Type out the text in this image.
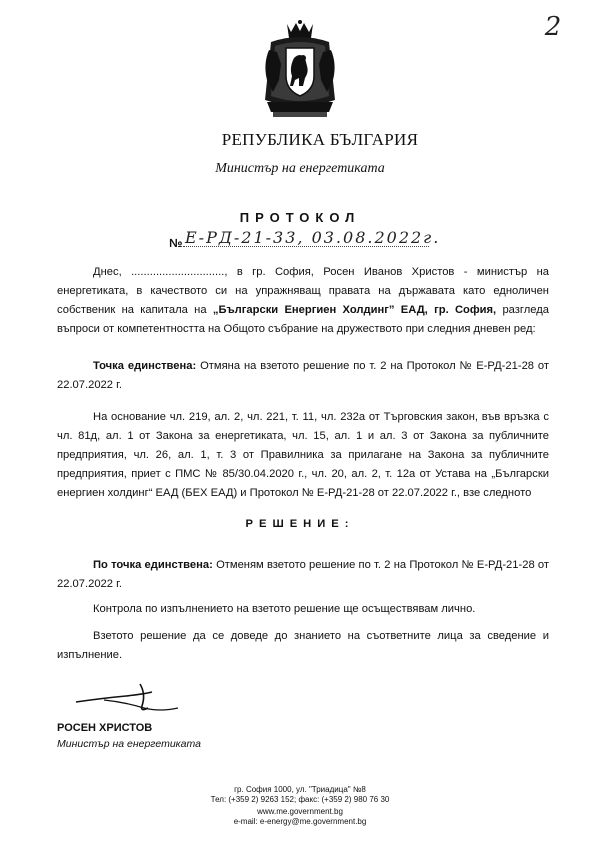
2
РЕПУБЛИКА БЪЛГАРИЯ
Министър на енергетиката
ПРОТОКОЛ
№ Е-РД-21-33, 03.08.2022г.
Днес, .............................., в гр. София, Росен Иванов Христов - министър на енергетиката, в качеството си на упражняващ правата на държавата като едноличен собственик на капитала на „Български Енергиен Холдинг” ЕАД, гр. София, разгледа въпроси от компетентността на Общото събрание на дружеството при следния дневен ред:
Точка единствена: Отмяна на взетото решение по т. 2 на Протокол № Е-РД-21-28 от 22.07.2022 г.
На основание чл. 219, ал. 2, чл. 221, т. 11, чл. 232а от Търговския закон, във връзка с чл. 81д, ал. 1 от Закона за енергетиката, чл. 15, ал. 1 и ал. 3 от Закона за публичните предприятия, чл. 26, ал. 1, т. 3 от Правилника за прилагане на Закона за публичните предприятия, приет с ПМС № 85/30.04.2020 г., чл. 20, ал. 2, т. 12а от Устава на „Български енергиен холдинг“ ЕАД (БЕХ ЕАД) и Протокол № Е-РД-21-28 от 22.07.2022 г., взе следното
РЕШЕНИЕ:
По точка единствена: Отменям взетото решение по т. 2 на Протокол № Е-РД-21-28 от 22.07.2022 г.
Контрола по изпълнението на взетото решение ще осъществявам лично.
Взетото решение да се доведе до знанието на съответните лица за сведение и изпълнение.
РОСЕН ХРИСТОВ
Министър на енергетиката
гр. София 1000, ул. "Триадица" №8
Тел: (+359 2) 9263 152; факс: (+359 2) 980 76 30
www.me.government.bg
e-mail: e-energy@me.government.bg
